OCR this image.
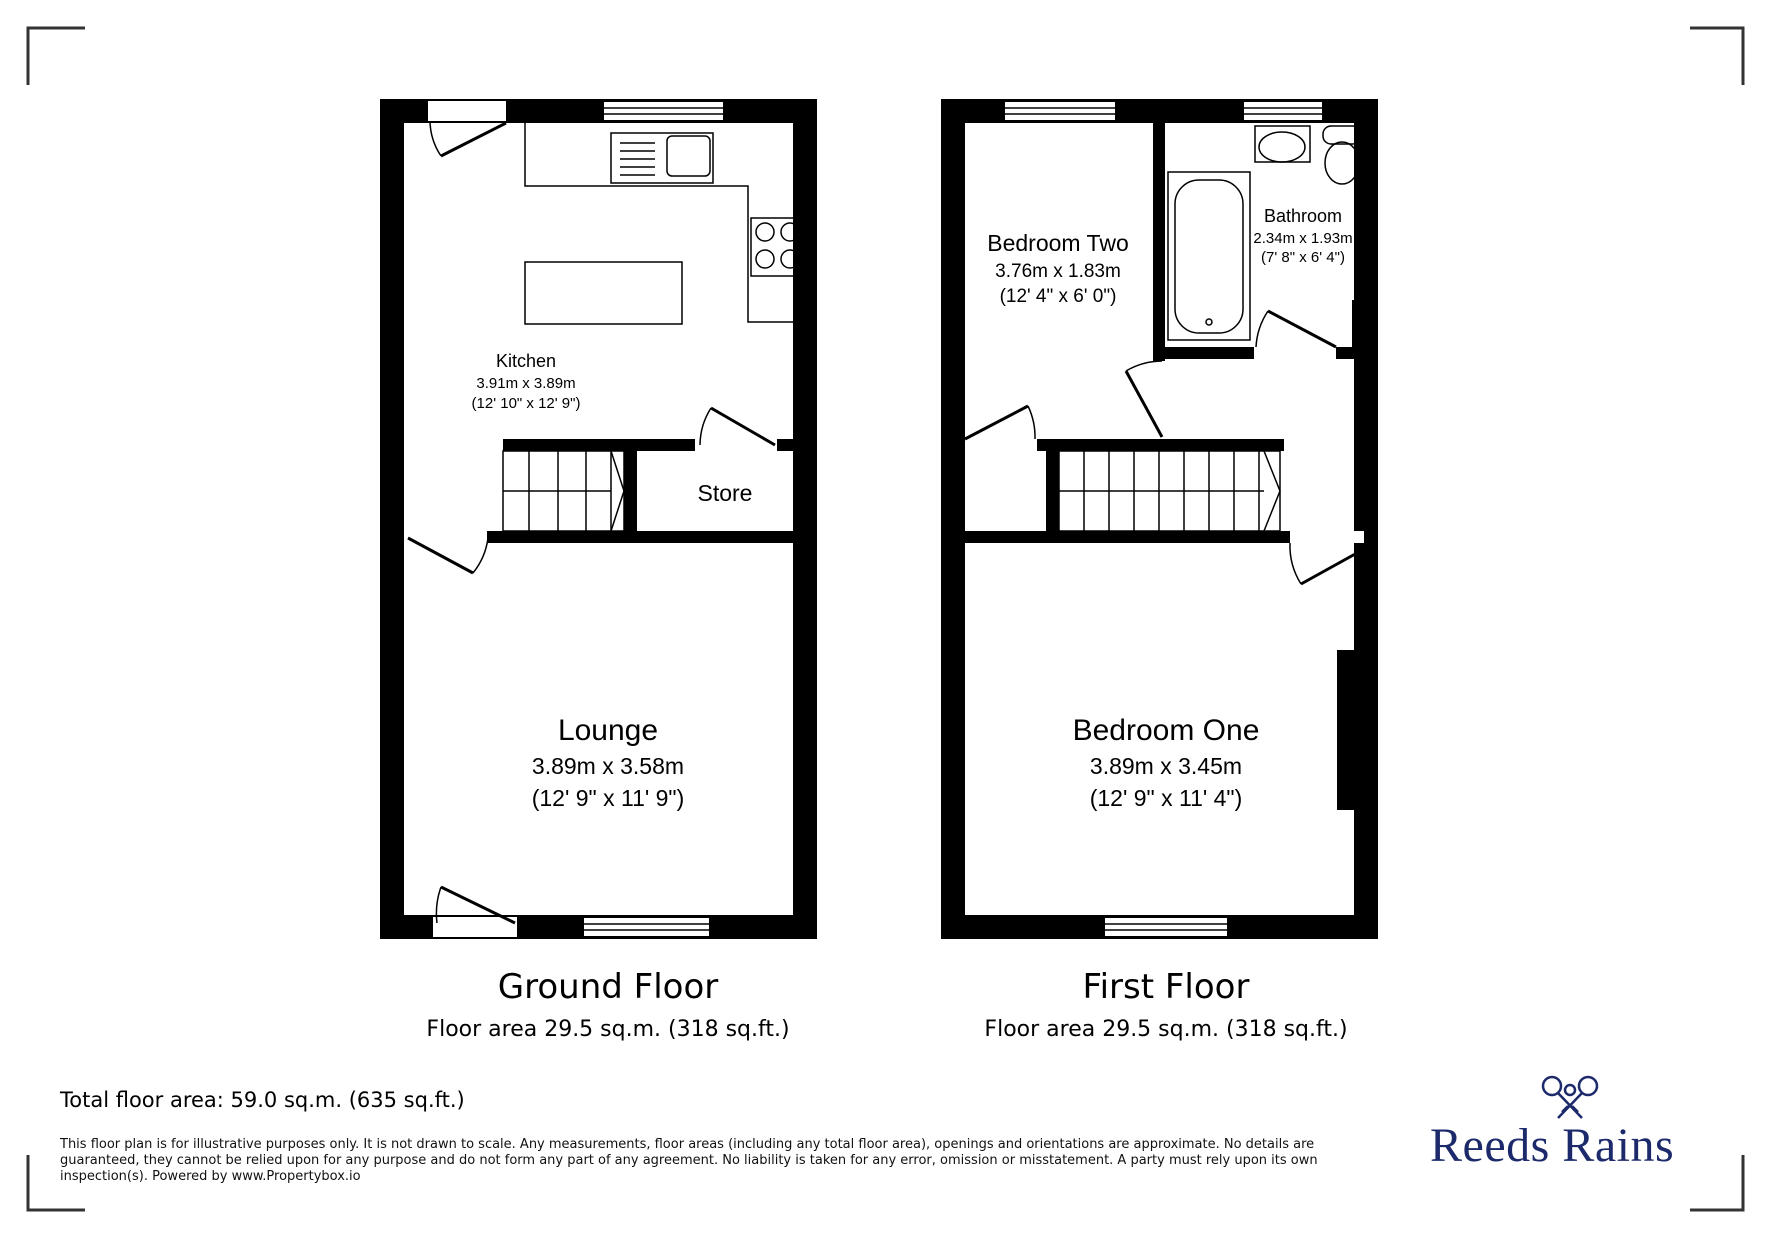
Kitchen
3.91m x 3.89m
(12' 10" x 12' 9")
Store
Lounge
3.89m x 3.58m
(12' 9" x 11' 9")
Ground Floor
Floor area 29.5 sq.m. (318 sq.ft.)
Bedroom Two
3.76m x 1.83m
(12' 4" x 6' 0")
Bathroom
2.34m x 1.93m
(7' 8" x 6' 4")
Bedroom One
3.89m x 3.45m
(12' 9" x 11' 4")
First Floor
Floor area 29.5 sq.m. (318 sq.ft.)
Total floor area: 59.0 sq.m. (635 sq.ft.)

This floor plan is for illustrative purposes only. It is not drawn to scale. Any measurements, floor areas (including any total floor area), openings and orientations are approximate. No details are guaranteed, they cannot be relied upon for any purpose and do not form any part of any agreement. No liability is taken for any error, omission or misstatement. A party must rely upon its own inspection(s). Powered by www.Propertybox.io

Reeds Rains
